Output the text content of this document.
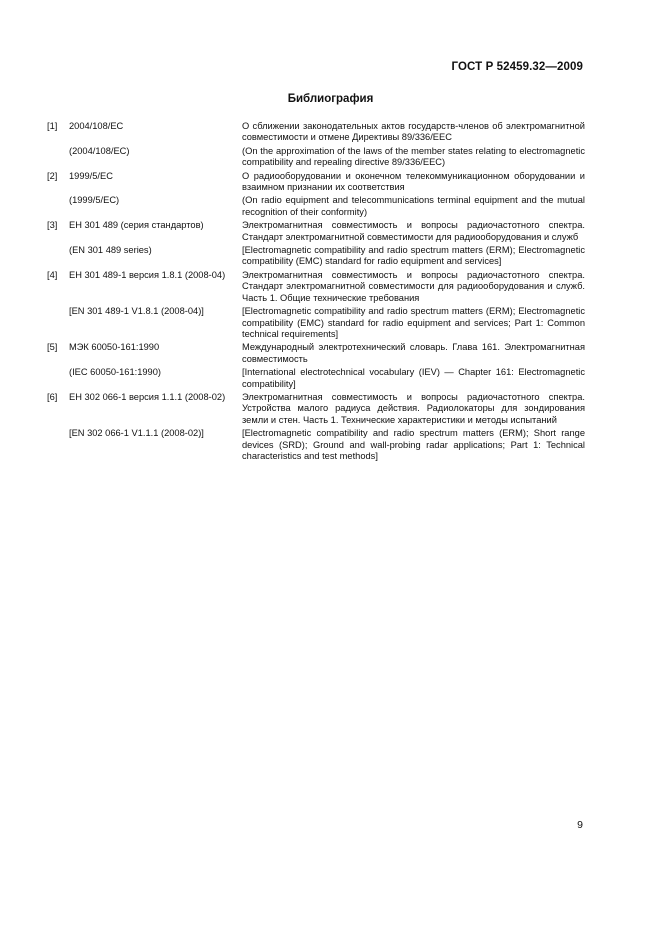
ГОСТ Р 52459.32—2009
Библиография
[1]	2004/108/ЕС	О сближении законодательных актов государств-членов об электромагнитной совместимости и отмене Директивы 89/336/ЕЕС
(2004/108/EC)	(On the approximation of the laws of the member states relating to electromagnetic compatibility and repealing directive 89/336/EEC)
[2]	1999/5/ЕС	О радиооборудовании и оконечном телекоммуникационном оборудовании и взаимном признании их соответствия
(1999/5/EC)	(On radio equipment and telecommunications terminal equipment and the mutual recognition of their conformity)
[3]	ЕН 301 489 (серия стандартов)	Электромагнитная совместимость и вопросы радиочастотного спектра. Стандарт электромагнитной совместимости для радиооборудования и служб
(EN 301 489 series)	[Electromagnetic compatibility and radio spectrum matters (ERM); Electromagnetic compatibility (EMC) standard for radio equipment and services]
[4]	ЕН 301 489-1 версия 1.8.1 (2008-04)	Электромагнитная совместимость и вопросы радиочастотного спектра. Стандарт электромагнитной совместимости для радиооборудования и служб. Часть 1. Общие технические требования
[EN 301 489-1 V1.8.1 (2008-04)]	[Electromagnetic compatibility and radio spectrum matters (ERM); Electromagnetic compatibility (EMC) standard for radio equipment and services; Part 1: Common technical requirements]
[5]	МЭК 60050-161:1990	Международный электротехнический словарь. Глава 161. Электромагнитная совместимость
(IEC 60050-161:1990)	[International electrotechnical vocabulary (IEV) — Chapter 161: Electromagnetic compatibility]
[6]	ЕН 302 066-1 версия 1.1.1 (2008-02)	Электромагнитная совместимость и вопросы радиочастотного спектра. Устройства малого радиуса действия. Радиолокаторы для зондирования земли и стен. Часть 1. Технические характеристики и методы испытаний
[EN 302 066-1 V1.1.1 (2008-02)]	[Electromagnetic compatibility and radio spectrum matters (ERM); Short range devices (SRD); Ground and wall-probing radar applications; Part 1: Technical characteristics and test methods]
9
